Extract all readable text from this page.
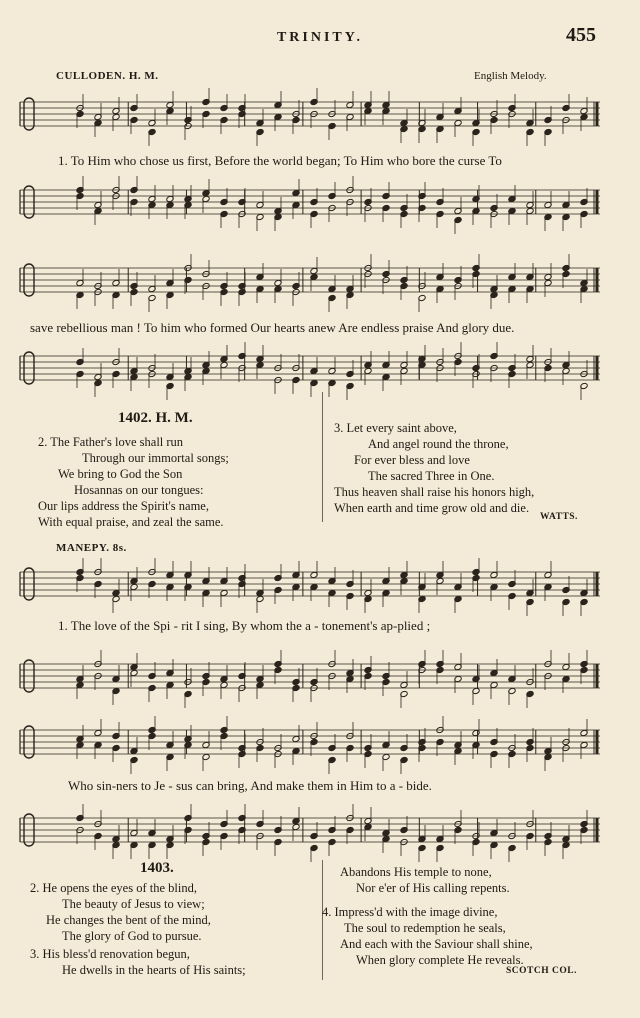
TRINITY.	455
CULLODEN. H. M.	English Melody.
1. To Him who chose us first, Before the world began; To Him who bore the curse To
save rebellious man ! To him who formed Our hearts anew Are endless praise And glory due.
1402. H. M.
2. The Father's love shall run
Through our immortal songs;
We bring to God the Son
Hosannas on our tongues:
Our lips address the Spirit's name,
With equal praise, and zeal the same.
3. Let every saint above,
And angel round the throne,
For ever bless and love
The sacred Three in One.
Thus heaven shall raise his honors high,
When earth and time grow old and die.
WATTS.
MANEPY. 8s.
1. The love of the Spi - rit I sing, By whom the a - tonement's ap-plied ;
Who sin-ners to Je - sus can bring, And make them in Him to a - bide.
1403.
2. He opens the eyes of the blind,
The beauty of Jesus to view;
He changes the bent of the mind,
The glory of God to pursue.
3. His bless'd renovation begun,
He dwells in the hearts of His saints;
Abandons His temple to none,
Nor e'er of His calling repents.
4. Impress'd with the image divine,
The soul to redemption he seals,
And each with the Saviour shall shine,
When glory complete He reveals.
SCOTCH COL.
